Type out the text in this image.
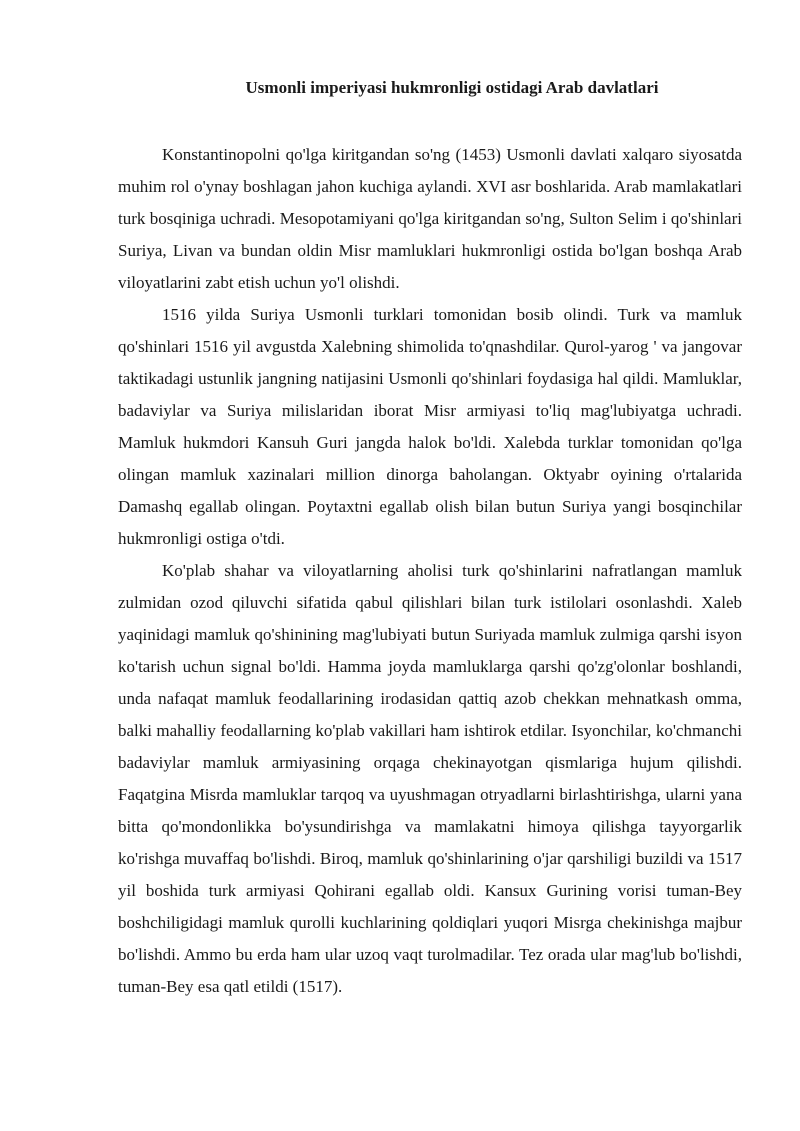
Usmonli imperiyasi hukmronligi ostidagi Arab davlatlari

Konstantinopolni qo'lga kiritgandan so'ng (1453) Usmonli davlati xalqaro siyosatda muhim rol o'ynay boshlagan jahon kuchiga aylandi. XVI asr boshlarida. Arab mamlakatlari turk bosqiniga uchradi. Mesopotamiyani qo'lga kiritgandan so'ng, Sulton Selim i qo'shinlari Suriya, Livan va bundan oldin Misr mamluklari hukmronligi ostida bo'lgan boshqa Arab viloyatlarini zabt etish uchun yo'l olishdi.

1516 yilda Suriya Usmonli turklari tomonidan bosib olindi. Turk va mamluk qo'shinlari 1516 yil avgustda Xalebning shimolida to'qnashdilar. Qurol-yarog ' va jangovar taktikadagi ustunlik jangning natijasini Usmonli qo'shinlari foydasiga hal qildi. Mamluklar, badaviylar va Suriya milislaridan iborat Misr armiyasi to'liq mag'lubiyatga uchradi. Mamluk hukmdori Kansuh Guri jangda halok bo'ldi. Xalebda turklar tomonidan qo'lga olingan mamluk xazinalari million dinorga baholangan. Oktyabr oyining o'rtalarida Damashq egallab olingan. Poytaxtni egallab olish bilan butun Suriya yangi bosqinchilar hukmronligi ostiga o'tdi.

Ko'plab shahar va viloyatlarning aholisi turk qo'shinlarini nafratlangan mamluk zulmidan ozod qiluvchi sifatida qabul qilishlari bilan turk istilolari osonlashdi. Xaleb yaqinidagi mamluk qo'shinining mag'lubiyati butun Suriyada mamluk zulmiga qarshi isyon ko'tarish uchun signal bo'ldi. Hamma joyda mamluklarga qarshi qo'zg'olonlar boshlandi, unda nafaqat mamluk feodallarining irodasidan qattiq azob chekkan mehnatkash omma, balki mahalliy feodallarning ko'plab vakillari ham ishtirok etdilar. Isyonchilar, ko'chmanchi badaviylar mamluk armiyasining orqaga chekinayotgan qismlariga hujum qilishdi. Faqatgina Misrda mamluklar tarqoq va uyushmagan otryadlarni birlashtirishga, ularni yana bitta qo'mondonlikka bo'ysundirishga va mamlakatni himoya qilishga tayyorgarlik ko'rishga muvaffaq bo'lishdi. Biroq, mamluk qo'shinlarining o'jar qarshiligi buzildi va 1517 yil boshida turk armiyasi Qohirani egallab oldi. Kansux Gurining vorisi tuman-Bey boshchiligidagi mamluk qurolli kuchlarining qoldiqlari yuqori Misrga chekinishga majbur bo'lishdi. Ammo bu erda ham ular uzoq vaqt turolmadilar. Tez orada ular mag'lub bo'lishdi, tuman-Bey esa qatl etildi (1517).
